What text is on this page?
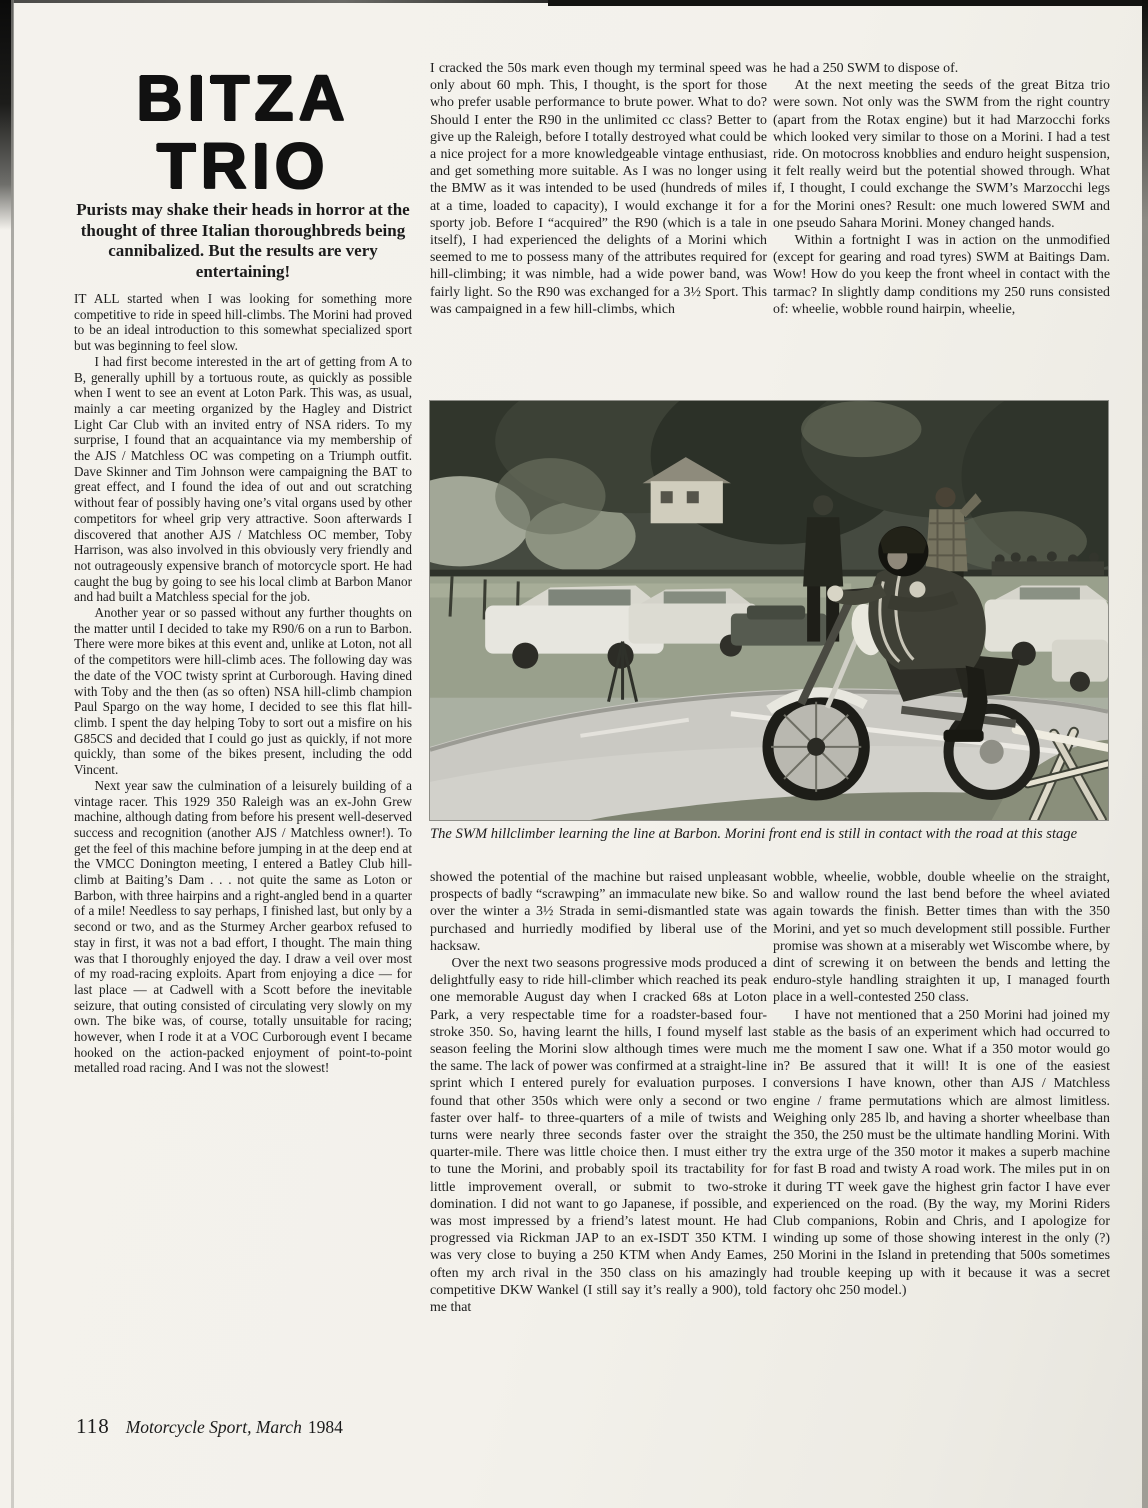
BITZA
TRIO

Purists may shake their heads in horror at the thought of three Italian thoroughbreds being cannibalized. But the results are very entertaining!

IT ALL started when I was looking for something more competitive to ride in speed hill-climbs. The Morini had proved to be an ideal introduction to this somewhat specialized sport but was beginning to feel slow.

I had first become interested in the art of getting from A to B, generally uphill by a tortuous route, as quickly as possible when I went to see an event at Loton Park. This was, as usual, mainly a car meeting organized by the Hagley and District Light Car Club with an invited entry of NSA riders. To my surprise, I found that an acquaintance via my membership of the AJS / Matchless OC was competing on a Triumph outfit. Dave Skinner and Tim Johnson were campaigning the BAT to great effect, and I found the idea of out and out scratching without fear of possibly having one’s vital organs used by other competitors for wheel grip very attractive. Soon afterwards I discovered that another AJS / Matchless OC member, Toby Harrison, was also involved in this obviously very friendly and not outrageously expensive branch of motorcycle sport. He had caught the bug by going to see his local climb at Barbon Manor and had built a Matchless special for the job.

Another year or so passed without any further thoughts on the matter until I decided to take my R90/6 on a run to Barbon. There were more bikes at this event and, unlike at Loton, not all of the competitors were hill-climb aces. The following day was the date of the VOC twisty sprint at Curborough. Having dined with Toby and the then (as so often) NSA hill-climb champion Paul Spargo on the way home, I decided to see this flat hill-climb. I spent the day helping Toby to sort out a misfire on his G85CS and decided that I could go just as quickly, if not more quickly, than some of the bikes present, including the odd Vincent.

Next year saw the culmination of a leisurely building of a vintage racer. This 1929 350 Raleigh was an ex-John Grew machine, although dating from before his present well-deserved success and recognition (another AJS / Matchless owner!). To get the feel of this machine before jumping in at the deep end at the VMCC Donington meeting, I entered a Batley Club hill-climb at Baiting’s Dam . . . not quite the same as Loton or Barbon, with three hairpins and a right-angled bend in a quarter of a mile! Needless to say perhaps, I finished last, but only by a second or two, and as the Sturmey Archer gearbox refused to stay in first, it was not a bad effort, I thought. The main thing was that I thoroughly enjoyed the day. I draw a veil over most of my road-racing exploits. Apart from enjoying a dice — for last place — at Cadwell with a Scott before the inevitable seizure, that outing consisted of circulating very slowly on my own. The bike was, of course, totally unsuitable for racing; however, when I rode it at a VOC Curborough event I became hooked on the action-packed enjoyment of point-to-point metalled road racing. And I was not the slowest!

I cracked the 50s mark even though my terminal speed was only about 60 mph. This, I thought, is the sport for those who prefer usable performance to brute power. What to do? Should I enter the R90 in the unlimited cc class? Better to give up the Raleigh, before I totally destroyed what could be a nice project for a more knowledgeable vintage enthusiast, and get something more suitable. As I was no longer using the BMW as it was intended to be used (hundreds of miles at a time, loaded to capacity), I would exchange it for a sporty job. Before I “acquired” the R90 (which is a tale in itself), I had experienced the delights of a Morini which seemed to me to possess many of the attributes required for hill-climbing; it was nimble, had a wide power band, was fairly light. So the R90 was exchanged for a 3½ Sport. This was campaigned in a few hill-climbs, which

he had a 250 SWM to dispose of.

At the next meeting the seeds of the great Bitza trio were sown. Not only was the SWM from the right country (apart from the Rotax engine) but it had Marzocchi forks which looked very similar to those on a Morini. I had a test ride. On motocross knobblies and enduro height suspension, it felt really weird but the potential showed through. What if, I thought, I could exchange the SWM’s Marzocchi legs for the Morini ones? Result: one much lowered SWM and one pseudo Sahara Morini. Money changed hands.

Within a fortnight I was in action on the unmodified (except for gearing and road tyres) SWM at Baitings Dam. Wow! How do you keep the front wheel in contact with the tarmac? In slightly damp conditions my 250 runs consisted of: wheelie, wobble round hairpin, wheelie,

The SWM hillclimber learning the line at Barbon. Morini front end is still in contact with the road at this stage

showed the potential of the machine but raised unpleasant prospects of badly “scrawping” an immaculate new bike. So over the winter a 3½ Strada in semi-dismantled state was purchased and hurriedly modified by liberal use of the hacksaw.

Over the next two seasons progressive mods produced a delightfully easy to ride hill-climber which reached its peak one memorable August day when I cracked 68s at Loton Park, a very respectable time for a roadster-based four-stroke 350. So, having learnt the hills, I found myself last season feeling the Morini slow although times were much the same. The lack of power was confirmed at a straight-line sprint which I entered purely for evaluation purposes. I found that other 350s which were only a second or two faster over half- to three-quarters of a mile of twists and turns were nearly three seconds faster over the straight quarter-mile. There was little choice then. I must either try to tune the Morini, and probably spoil its tractability for little improvement overall, or submit to two-stroke domination. I did not want to go Japanese, if possible, and was most impressed by a friend’s latest mount. He had progressed via Rickman JAP to an ex-ISDT 350 KTM. I was very close to buying a 250 KTM when Andy Eames, often my arch rival in the 350 class on his amazingly competitive DKW Wankel (I still say it’s really a 900), told me that

wobble, wheelie, wobble, double wheelie on the straight, and wallow round the last bend before the wheel aviated again towards the finish. Better times than with the 350 Morini, and yet so much development still possible. Further promise was shown at a miserably wet Wiscombe where, by dint of screwing it on between the bends and letting the enduro-style handling straighten it up, I managed fourth place in a well-contested 250 class.

I have not mentioned that a 250 Morini had joined my stable as the basis of an experiment which had occurred to me the moment I saw one. What if a 350 motor would go in? Be assured that it will! It is one of the easiest conversions I have known, other than AJS / Matchless engine / frame permutations which are almost limitless. Weighing only 285 lb, and having a shorter wheelbase than the 350, the 250 must be the ultimate handling Morini. With the extra urge of the 350 motor it makes a superb machine for fast B road and twisty A road work. The miles put in on it during TT week gave the highest grin factor I have ever experienced on the road. (By the way, my Morini Riders Club companions, Robin and Chris, and I apologize for winding up some of those showing interest in the only (?) 250 Morini in the Island in pretending that 500s sometimes had trouble keeping up with it because it was a secret factory ohc 250 model.)

118 Motorcycle Sport, March 1984
